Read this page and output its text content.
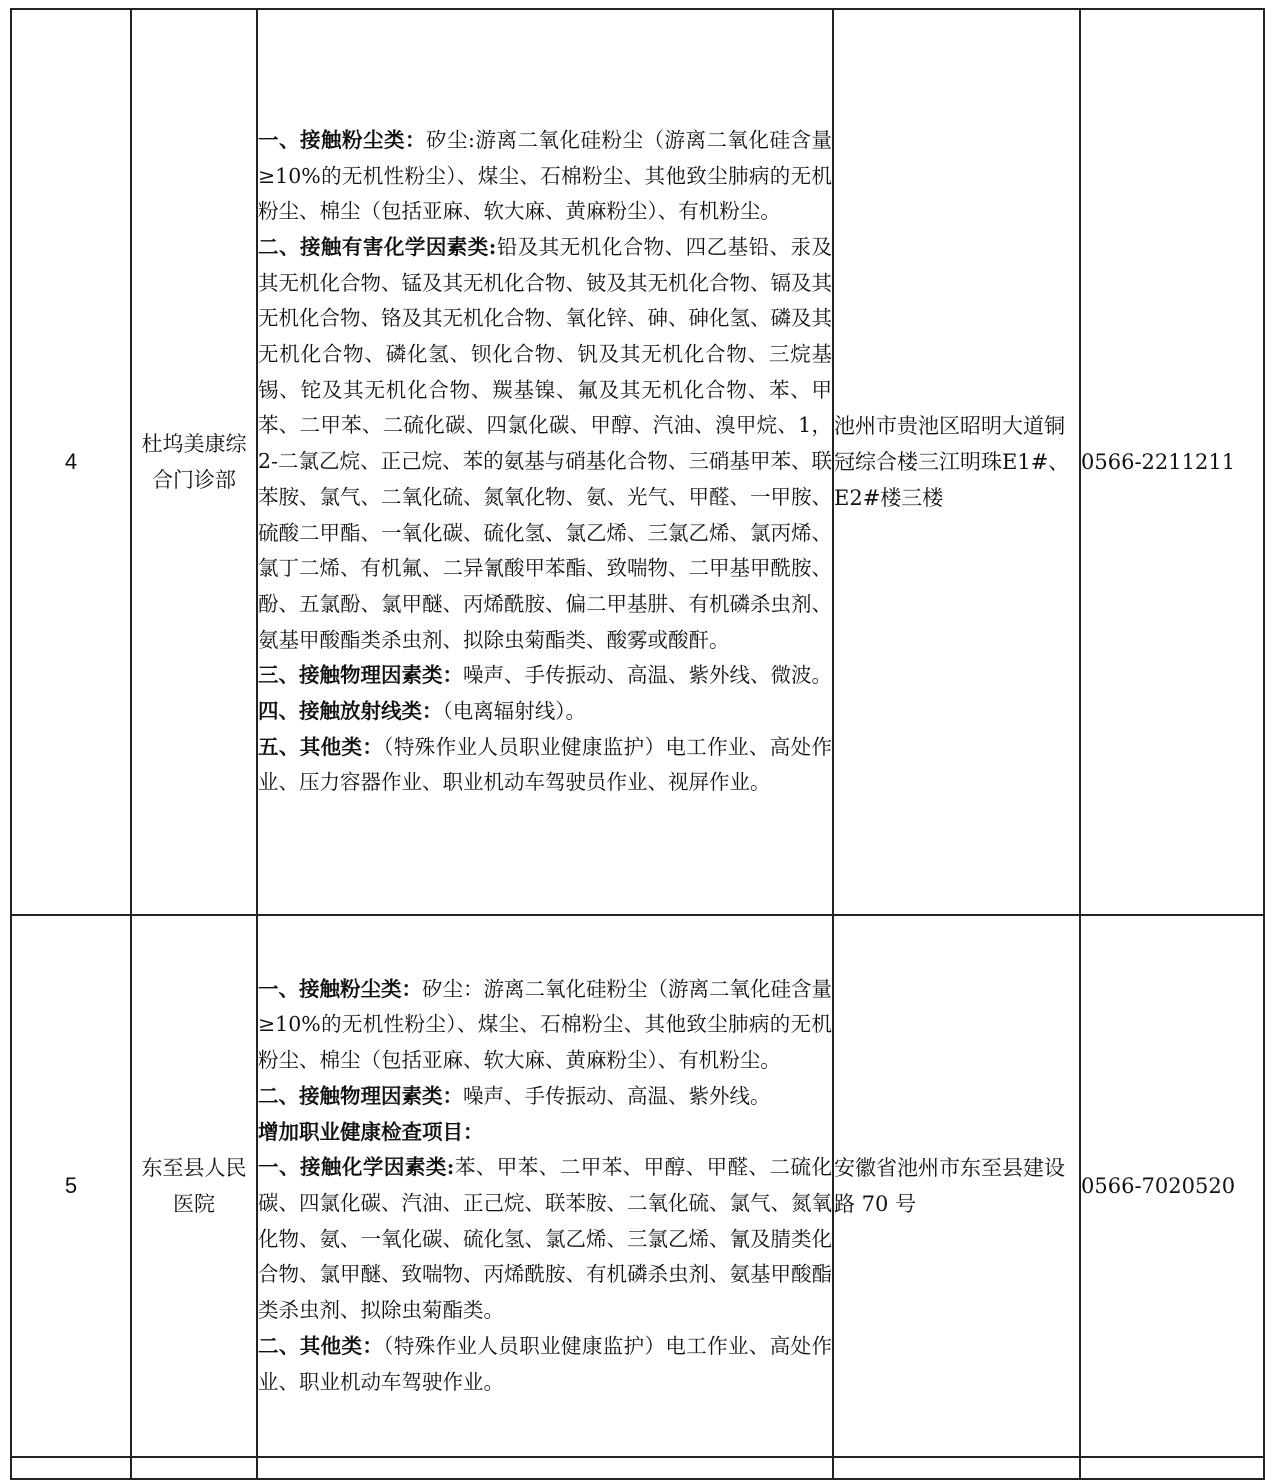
4	杜坞美康综合门诊部	一、接触粉尘类：矽尘:游离二氧化硅粉尘（游离二氧化硅含量≥10%的无机性粉尘）、煤尘、石棉粉尘、其他致尘肺病的无机粉尘、棉尘（包括亚麻、软大麻、黄麻粉尘）、有机粉尘。

二、接触有害化学因素类:铅及其无机化合物、四乙基铅、汞及其无机化合物、锰及其无机化合物、铍及其无机化合物、镉及其无机化合物、铬及其无机化合物、氧化锌、砷、砷化氢、磷及其无机化合物、磷化氢、钡化合物、钒及其无机化合物、三烷基锡、铊及其无机化合物、羰基镍、氟及其无机化合物、苯、甲苯、二甲苯、二硫化碳、四氯化碳、甲醇、汽油、溴甲烷、1，2-二氯乙烷、正己烷、苯的氨基与硝基化合物、三硝基甲苯、联苯胺、氯气、二氧化硫、氮氧化物、氨、光气、甲醛、一甲胺、硫酸二甲酯、一氧化碳、硫化氢、氯乙烯、三氯乙烯、氯丙烯、氯丁二烯、有机氟、二异氰酸甲苯酯、致喘物、二甲基甲酰胺、酚、五氯酚、氯甲醚、丙烯酰胺、偏二甲基肼、有机磷杀虫剂、氨基甲酸酯类杀虫剂、拟除虫菊酯类、酸雾或酸酐。

三、接触物理因素类：噪声、手传振动、高温、紫外线、微波。

四、接触放射线类：（电离辐射线）。

五、其他类：（特殊作业人员职业健康监护）电工作业、高处作业、压力容器作业、职业机动车驾驶员作业、视屏作业。	池州市贵池区昭明大道铜冠综合楼三江明珠E1#、E2#楼三楼	0566-2211211
5	东至县人民医院	一、接触粉尘类：矽尘：游离二氧化硅粉尘（游离二氧化硅含量≥10%的无机性粉尘）、煤尘、石棉粉尘、其他致尘肺病的无机粉尘、棉尘（包括亚麻、软大麻、黄麻粉尘）、有机粉尘。

二、接触物理因素类：噪声、手传振动、高温、紫外线。

增加职业健康检查项目：

一、接触化学因素类:苯、甲苯、二甲苯、甲醇、甲醛、二硫化碳、四氯化碳、汽油、正己烷、联苯胺、二氧化硫、氯气、氮氧化物、氨、一氧化碳、硫化氢、氯乙烯、三氯乙烯、氰及腈类化合物、氯甲醚、致喘物、丙烯酰胺、有机磷杀虫剂、氨基甲酸酯类杀虫剂、拟除虫菊酯类。

二、其他类：（特殊作业人员职业健康监护）电工作业、高处作业、职业机动车驾驶作业。	安徽省池州市东至县建设路 70 号	0566-7020520
